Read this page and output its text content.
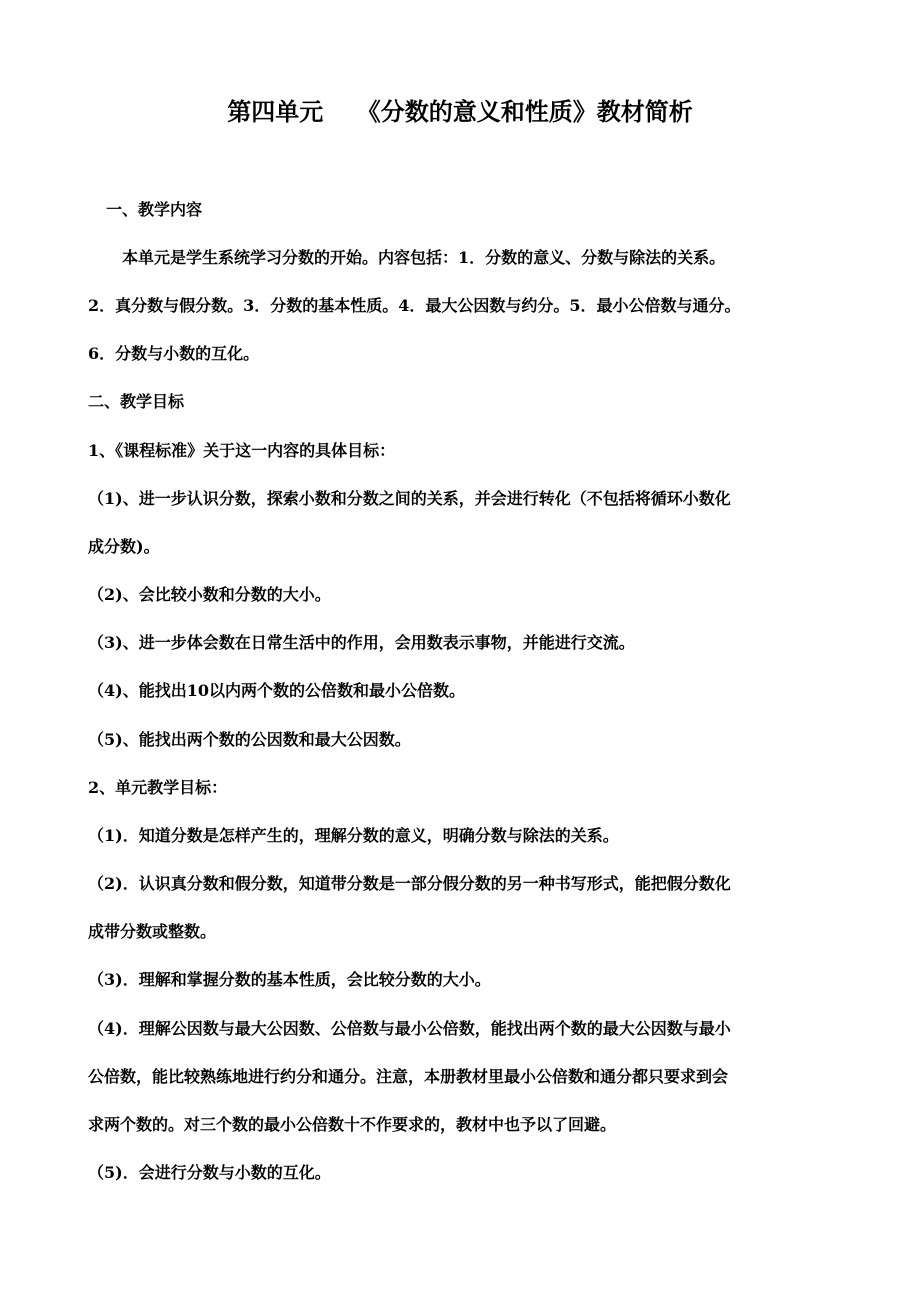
第四单元    《分数的意义和性质》教材简析
一、教学内容
本单元是学生系统学习分数的开始。内容包括：1．分数的意义、分数与除法的关系。
2．真分数与假分数。3．分数的基本性质。4．最大公因数与约分。5．最小公倍数与通分。
6．分数与小数的互化。
二、教学目标
1、《课程标准》关于这一内容的具体目标：
（1)、进一步认识分数，探索小数和分数之间的关系，并会进行转化（不包括将循环小数化
成分数)。
（2)、会比较小数和分数的大小。
（3)、进一步体会数在日常生活中的作用，会用数表示事物，并能进行交流。
（4)、能找出10以内两个数的公倍数和最小公倍数。
（5)、能找出两个数的公因数和最大公因数。
2、单元教学目标：
（1)．知道分数是怎样产生的，理解分数的意义，明确分数与除法的关系。
（2)．认识真分数和假分数，知道带分数是一部分假分数的另一种书写形式，能把假分数化
成带分数或整数。
（3)．理解和掌握分数的基本性质，会比较分数的大小。
（4)．理解公因数与最大公因数、公倍数与最小公倍数，能找出两个数的最大公因数与最小
公倍数，能比较熟练地进行约分和通分。注意，本册教材里最小公倍数和通分都只要求到会
求两个数的。对三个数的最小公倍数十不作要求的，教材中也予以了回避。
（5)．会进行分数与小数的互化。
